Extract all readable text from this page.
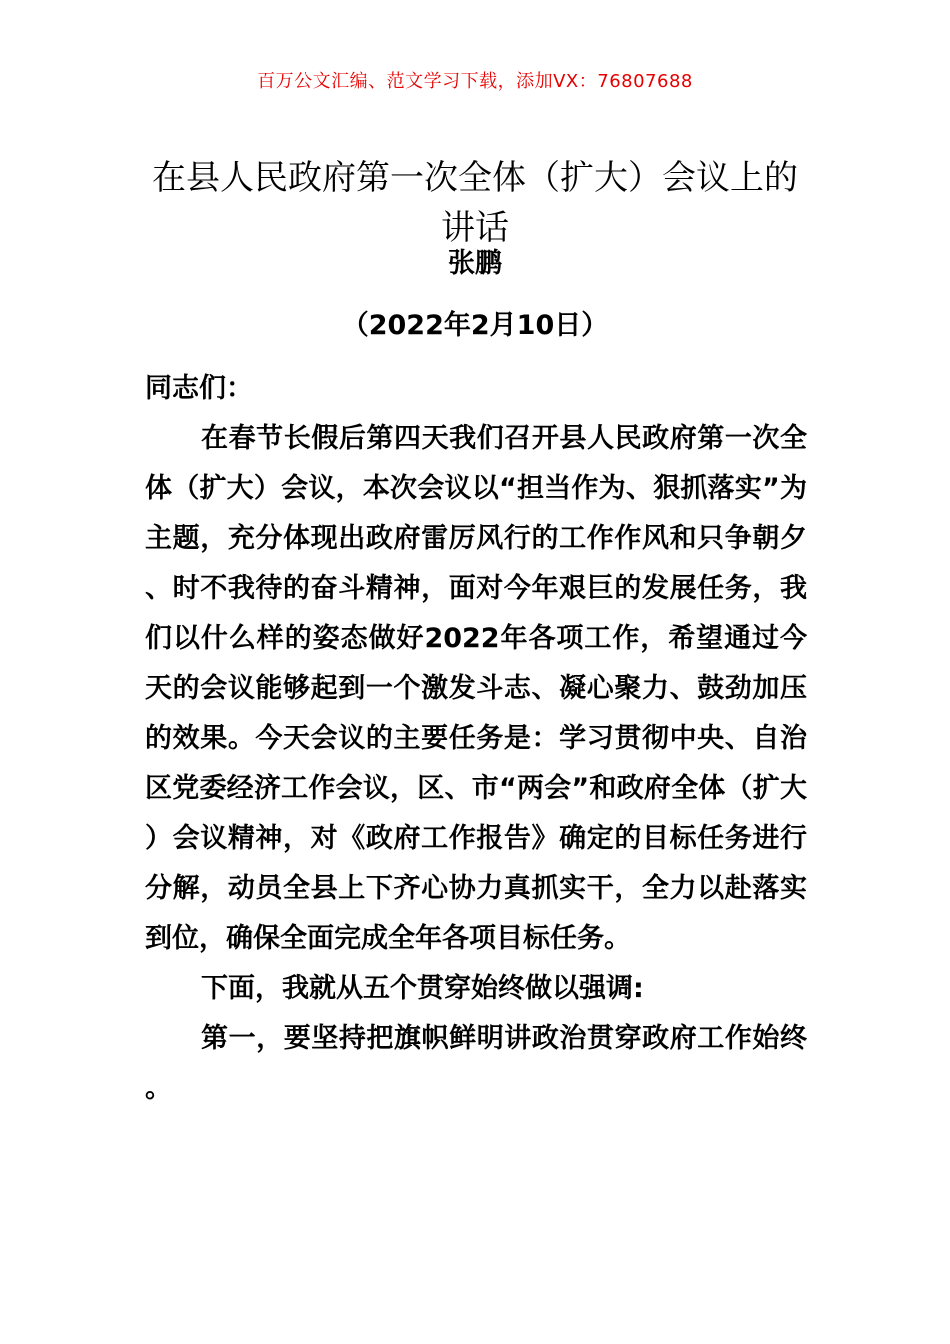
百万公文汇编、范文学习下载，添加VX：76807688
在县人民政府第一次全体（扩大）会议上的
讲话
张鹏
（2022年2月10日）

同志们：

在春节长假后第四天我们召开县人民政府第一次全体（扩大）会议，本次会议以“担当作为、狠抓落实”为主题，充分体现出政府雷厉风行的工作作风和只争朝夕、时不我待的奋斗精神，面对今年艰巨的发展任务，我们以什么样的姿态做好2022年各项工作，希望通过今天的会议能够起到一个激发斗志、凝心聚力、鼓劲加压的效果。今天会议的主要任务是：学习贯彻中央、自治区党委经济工作会议，区、市“两会”和政府全体（扩大）会议精神，对《政府工作报告》确定的目标任务进行分解，动员全县上下齐心协力真抓实干，全力以赴落实到位，确保全面完成全年各项目标任务。

下面，我就从五个贯穿始终做以强调:

第一，要坚持把旗帜鲜明讲政治贯穿政府工作始终。
